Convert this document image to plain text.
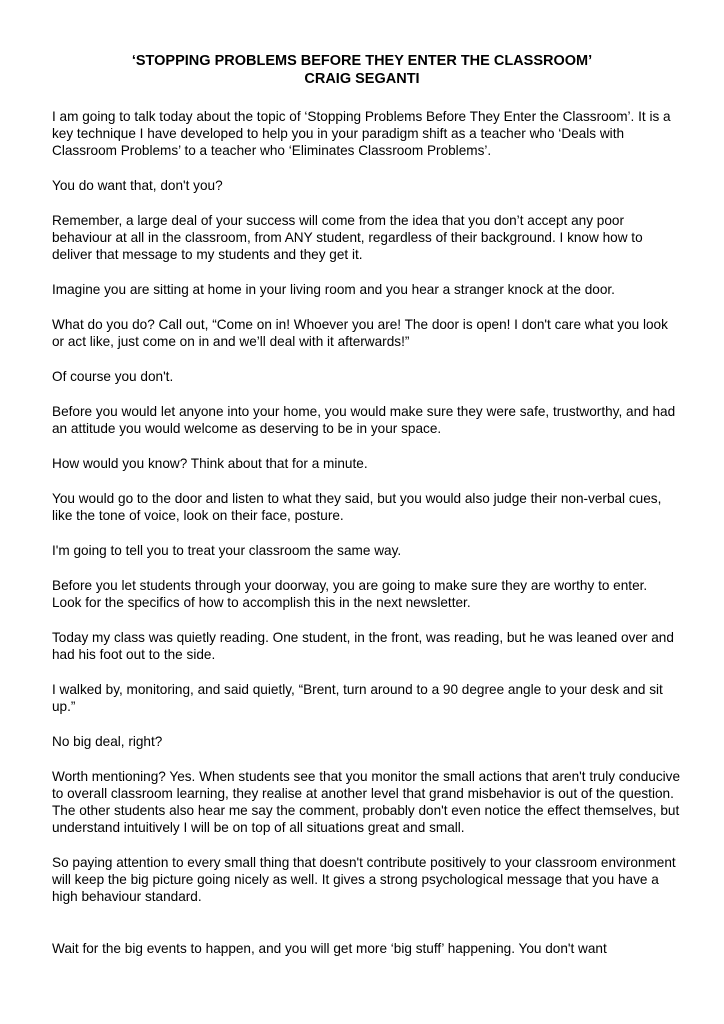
‘STOPPING PROBLEMS BEFORE THEY ENTER THE CLASSROOM’
CRAIG SEGANTI

I am going to talk today about the topic of ‘Stopping Problems Before They Enter the Classroom’. It is a key technique I have developed to help you in your paradigm shift as a teacher who ‘Deals with Classroom Problems’ to a teacher who ‘Eliminates Classroom Problems’.

You do want that, don't you?

Remember, a large deal of your success will come from the idea that you don’t accept any poor behaviour at all in the classroom, from ANY student, regardless of their background. I know how to deliver that message to my students and they get it.

Imagine you are sitting at home in your living room and you hear a stranger knock at the door.

What do you do? Call out, “Come on in! Whoever you are! The door is open! I don't care what you look or act like, just come on in and we’ll deal with it afterwards!”

Of course you don't.

Before you would let anyone into your home, you would make sure they were safe, trustworthy, and had an attitude you would welcome as deserving to be in your space.

How would you know? Think about that for a minute.

You would go to the door and listen to what they said, but you would also judge their non-verbal cues, like the tone of voice, look on their face, posture.

I'm going to tell you to treat your classroom the same way.

Before you let students through your doorway, you are going to make sure they are worthy to enter. Look for the specifics of how to accomplish this in the next newsletter.

Today my class was quietly reading. One student, in the front, was reading, but he was leaned over and had his foot out to the side.

I walked by, monitoring, and said quietly, “Brent, turn around to a 90 degree angle to your desk and sit up.”

No big deal, right?

Worth mentioning? Yes. When students see that you monitor the small actions that aren't truly conducive to overall classroom learning, they realise at another level that grand misbehavior is out of the question. The other students also hear me say the comment, probably don't even notice the effect themselves, but understand intuitively I will be on top of all situations great and small.

So paying attention to every small thing that doesn't contribute positively to your classroom environment will keep the big picture going nicely as well. It gives a strong psychological message that you have a high behaviour standard.

Wait for the big events to happen, and you will get more ‘big stuff’ happening. You don't want
